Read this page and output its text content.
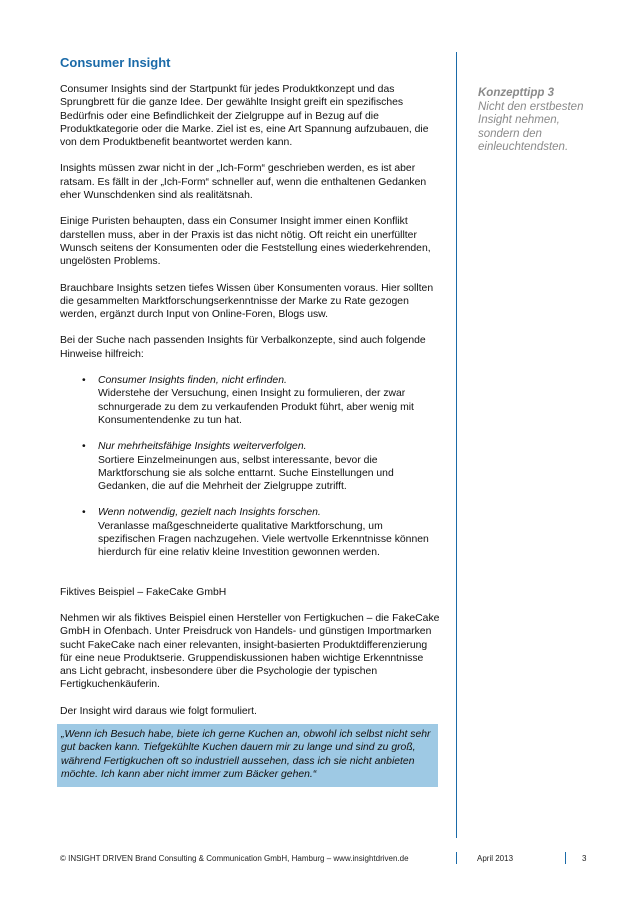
Consumer Insight

Consumer Insights sind der Startpunkt für jedes Produktkonzept und das Sprungbrett für die ganze Idee. Der gewählte Insight greift ein spezifisches Bedürfnis oder eine Befindlichkeit der Zielgruppe auf in Bezug auf die Produktkategorie oder die Marke. Ziel ist es, eine Art Spannung aufzubauen, die von dem Produktbenefit beantwortet werden kann.

Insights müssen zwar nicht in der „Ich-Form“ geschrieben werden, es ist aber ratsam. Es fällt in der „Ich-Form“ schneller auf, wenn die enthaltenen Gedanken eher Wunschdenken sind als realitätsnah.

Einige Puristen behaupten, dass ein Consumer Insight immer einen Konflikt darstellen muss, aber in der Praxis ist das nicht nötig. Oft reicht ein unerfüllter Wunsch seitens der Konsumenten oder die Feststellung eines wiederkehrenden, ungelösten Problems.

Brauchbare Insights setzen tiefes Wissen über Konsumenten voraus. Hier sollten die gesammelten Marktforschungserkenntnisse der Marke zu Rate gezogen werden, ergänzt durch Input von Online-Foren, Blogs usw.

Bei der Suche nach passenden Insights für Verbalkonzepte, sind auch folgende Hinweise hilfreich:

• Consumer Insights finden, nicht erfinden.
Widerstehe der Versuchung, einen Insight zu formulieren, der zwar schnurgerade zu dem zu verkaufenden Produkt führt, aber wenig mit Konsumentendenke zu tun hat.
• Nur mehrheitsfähige Insights weiterverfolgen.
Sortiere Einzelmeinungen aus, selbst interessante, bevor die Marktforschung sie als solche enttarnt. Suche Einstellungen und Gedanken, die auf die Mehrheit der Zielgruppe zutrifft.
• Wenn notwendig, gezielt nach Insights forschen.
Veranlasse maßgeschneiderte qualitative Marktforschung, um spezifischen Fragen nachzugehen. Viele wertvolle Erkenntnisse können hierdurch für eine relativ kleine Investition gewonnen werden.

Fiktives Beispiel – FakeCake GmbH

Nehmen wir als fiktives Beispiel einen Hersteller von Fertigkuchen – die FakeCake GmbH in Ofenbach. Unter Preisdruck von Handels- und günstigen Importmarken sucht FakeCake nach einer relevanten, insight-basierten Produktdifferenzierung für eine neue Produktserie. Gruppendiskussionen haben wichtige Erkenntnisse ans Licht gebracht, insbesondere über die Psychologie der typischen Fertigkuchenkäuferin.

Der Insight wird daraus wie folgt formuliert.

„Wenn ich Besuch habe, biete ich gerne Kuchen an, obwohl ich selbst nicht sehr gut backen kann. Tiefgekühlte Kuchen dauern mir zu lange und sind zu groß, während Fertigkuchen oft so industriell aussehen, dass ich sie nicht anbieten möchte. Ich kann aber nicht immer zum Bäcker gehen.“
Konzepttipp 3
Nicht den erstbesten Insight nehmen, sondern den einleuchtendsten.
© INSIGHT DRIVEN Brand Consulting & Communication GmbH, Hamburg – www.insightdriven.de	April 2013	3
